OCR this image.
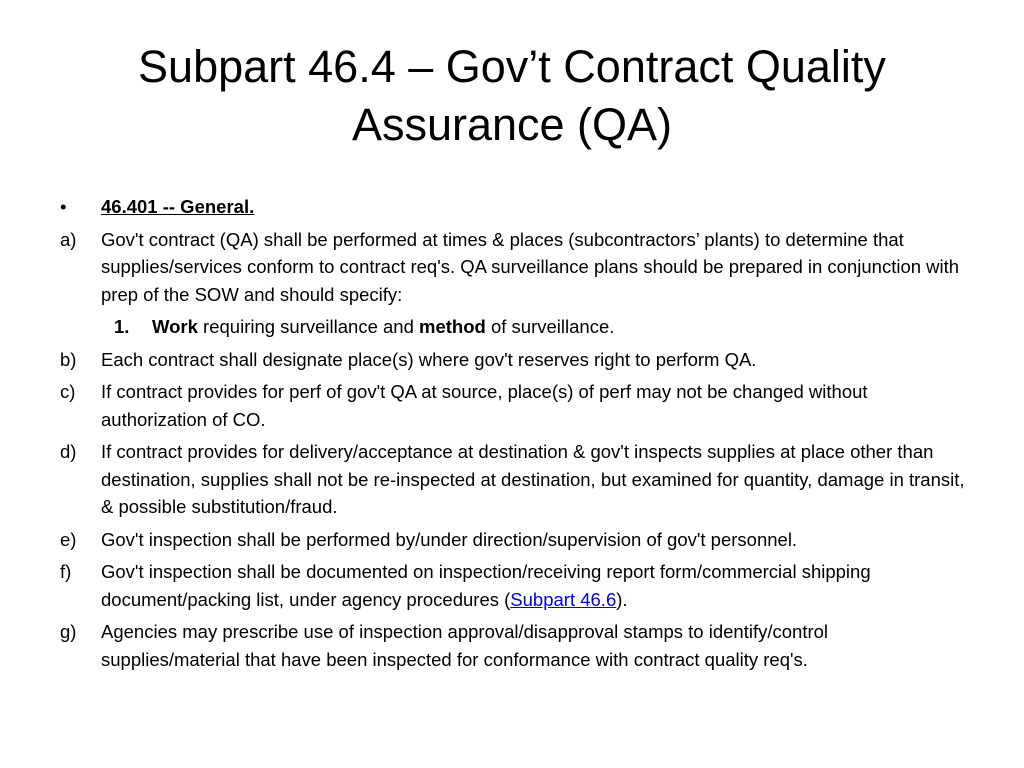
Subpart 46.4 – Gov’t Contract Quality
Assurance (QA)
•	46.401 -- General.
a)	Gov't contract (QA) shall be performed at times & places (subcontractors’ plants) to determine that supplies/services conform to contract req's. QA surveillance plans should be prepared in conjunction with prep of the SOW and should specify:
1.	Work requiring surveillance and method of surveillance.
b)	Each contract shall designate place(s) where gov't reserves right to perform QA.
c)	If contract provides for perf of gov't QA at source, place(s) of perf may not be changed without authorization of CO.
d)	If contract provides for delivery/acceptance at destination & gov't inspects supplies at place other than destination, supplies shall not be re-inspected at destination, but examined for quantity, damage in transit, & possible substitution/fraud.
e)	Gov't inspection shall be performed by/under direction/supervision of gov't personnel.
f)	Gov't inspection shall be documented on inspection/receiving report form/commercial shipping document/packing list, under agency procedures (Subpart 46.6).
g)	Agencies may prescribe use of inspection approval/disapproval stamps to identify/control supplies/material that have been inspected for conformance with contract quality req's.
